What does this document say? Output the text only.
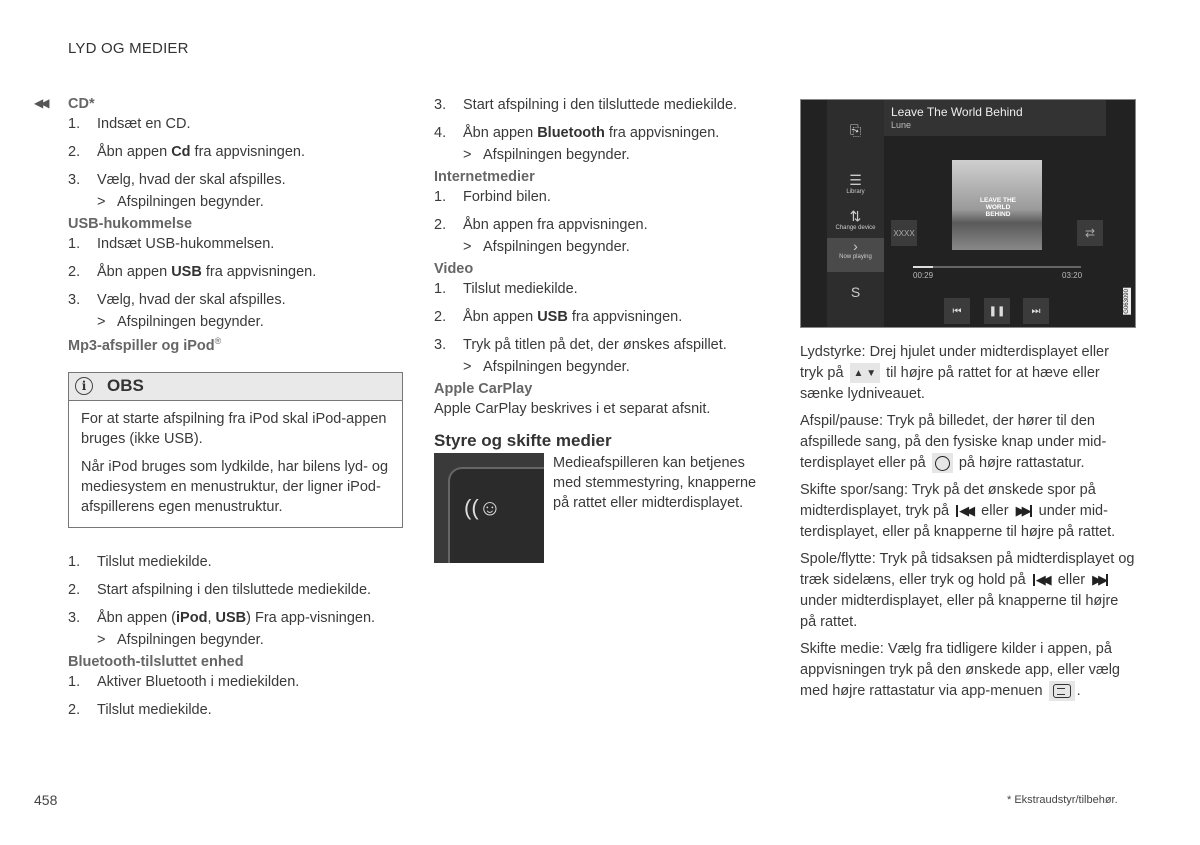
LYD OG MEDIER
◀◀ CD*
1.	Indsæt en CD.
2.	Åbn appen Cd fra appvisningen.
3.	Vælg, hvad der skal afspilles.
> Afspilningen begynder.
USB-hukommelse
1.	Indsæt USB-hukommelsen.
2.	Åbn appen USB fra appvisningen.
3.	Vælg, hvad der skal afspilles.
> Afspilningen begynder.
Mp3-afspiller og iPod®
i	OBS

For at starte afspilning fra iPod skal iPod-appen bruges (ikke USB).

Når iPod bruges som lydkilde, har bilens lyd- og mediesystem en menustruktur, der ligner iPod-afspillerens egen menustruktur.

1.	Tilslut mediekilde.
2.	Start afspilning i den tilsluttede mediekilde.
3.	Åbn appen (iPod, USB) Fra app-visningen.
> Afspilningen begynder.
Bluetooth-tilsluttet enhed
1.	Aktiver Bluetooth i mediekilden.
2.	Tilslut mediekilde.
3.	Start afspilning i den tilsluttede mediekilde.
4.	Åbn appen Bluetooth fra appvisningen.
> Afspilningen begynder.
Internetmedier
1.	Forbind bilen.
2.	Åbn appen fra appvisningen.
> Afspilningen begynder.
Video
1.	Tilslut mediekilde.
2.	Åbn appen USB fra appvisningen.
3.	Tryk på titlen på det, der ønskes afspillet.
> Afspilningen begynder.
Apple CarPlay
Apple CarPlay beskrives i et separat afsnit.
Styre og skifte medier
((☺
Medieafspilleren kan betjenes med stemmestyring, knapperne på rattet eller midterdisplayet.
⎘
☰
Library
⇅
Change device
›
Now playing
Ѕ
Leave The World Behind
Lune
LEAVE THE WORLD BEHIND
XXXX	⇄
00:29	03:20
⏮	❚❚	⏭	G063090
Lydstyrke: Drej hjulet under midterdisplayet eller tryk på ▲ ▼ til højre på rattet for at hæve eller sænke lydniveauet.
Afspil/pause: Tryk på billedet, der hører til den afspillede sang, på den fysiske knap under mid-terdisplayet eller på på højre rattastatur.
Skifte spor/sang: Tryk på det ønskede spor på midterdisplayet, tryk på ◀◀ eller ▶▶ under mid-terdisplayet, eller på knapperne til højre på rattet.
Spole/flytte: Tryk på tidsaksen på midterdisplayet og træk sidelæns, eller tryk og hold på ◀◀ eller ▶▶ under midterdisplayet, eller på knapperne til højre på rattet.
Skifte medie: Vælg fra tidligere kilder i appen, på appvisningen tryk på den ønskede app, eller vælg med højre rattastatur via app-menuen .
458	* Ekstraudstyr/tilbehør.
